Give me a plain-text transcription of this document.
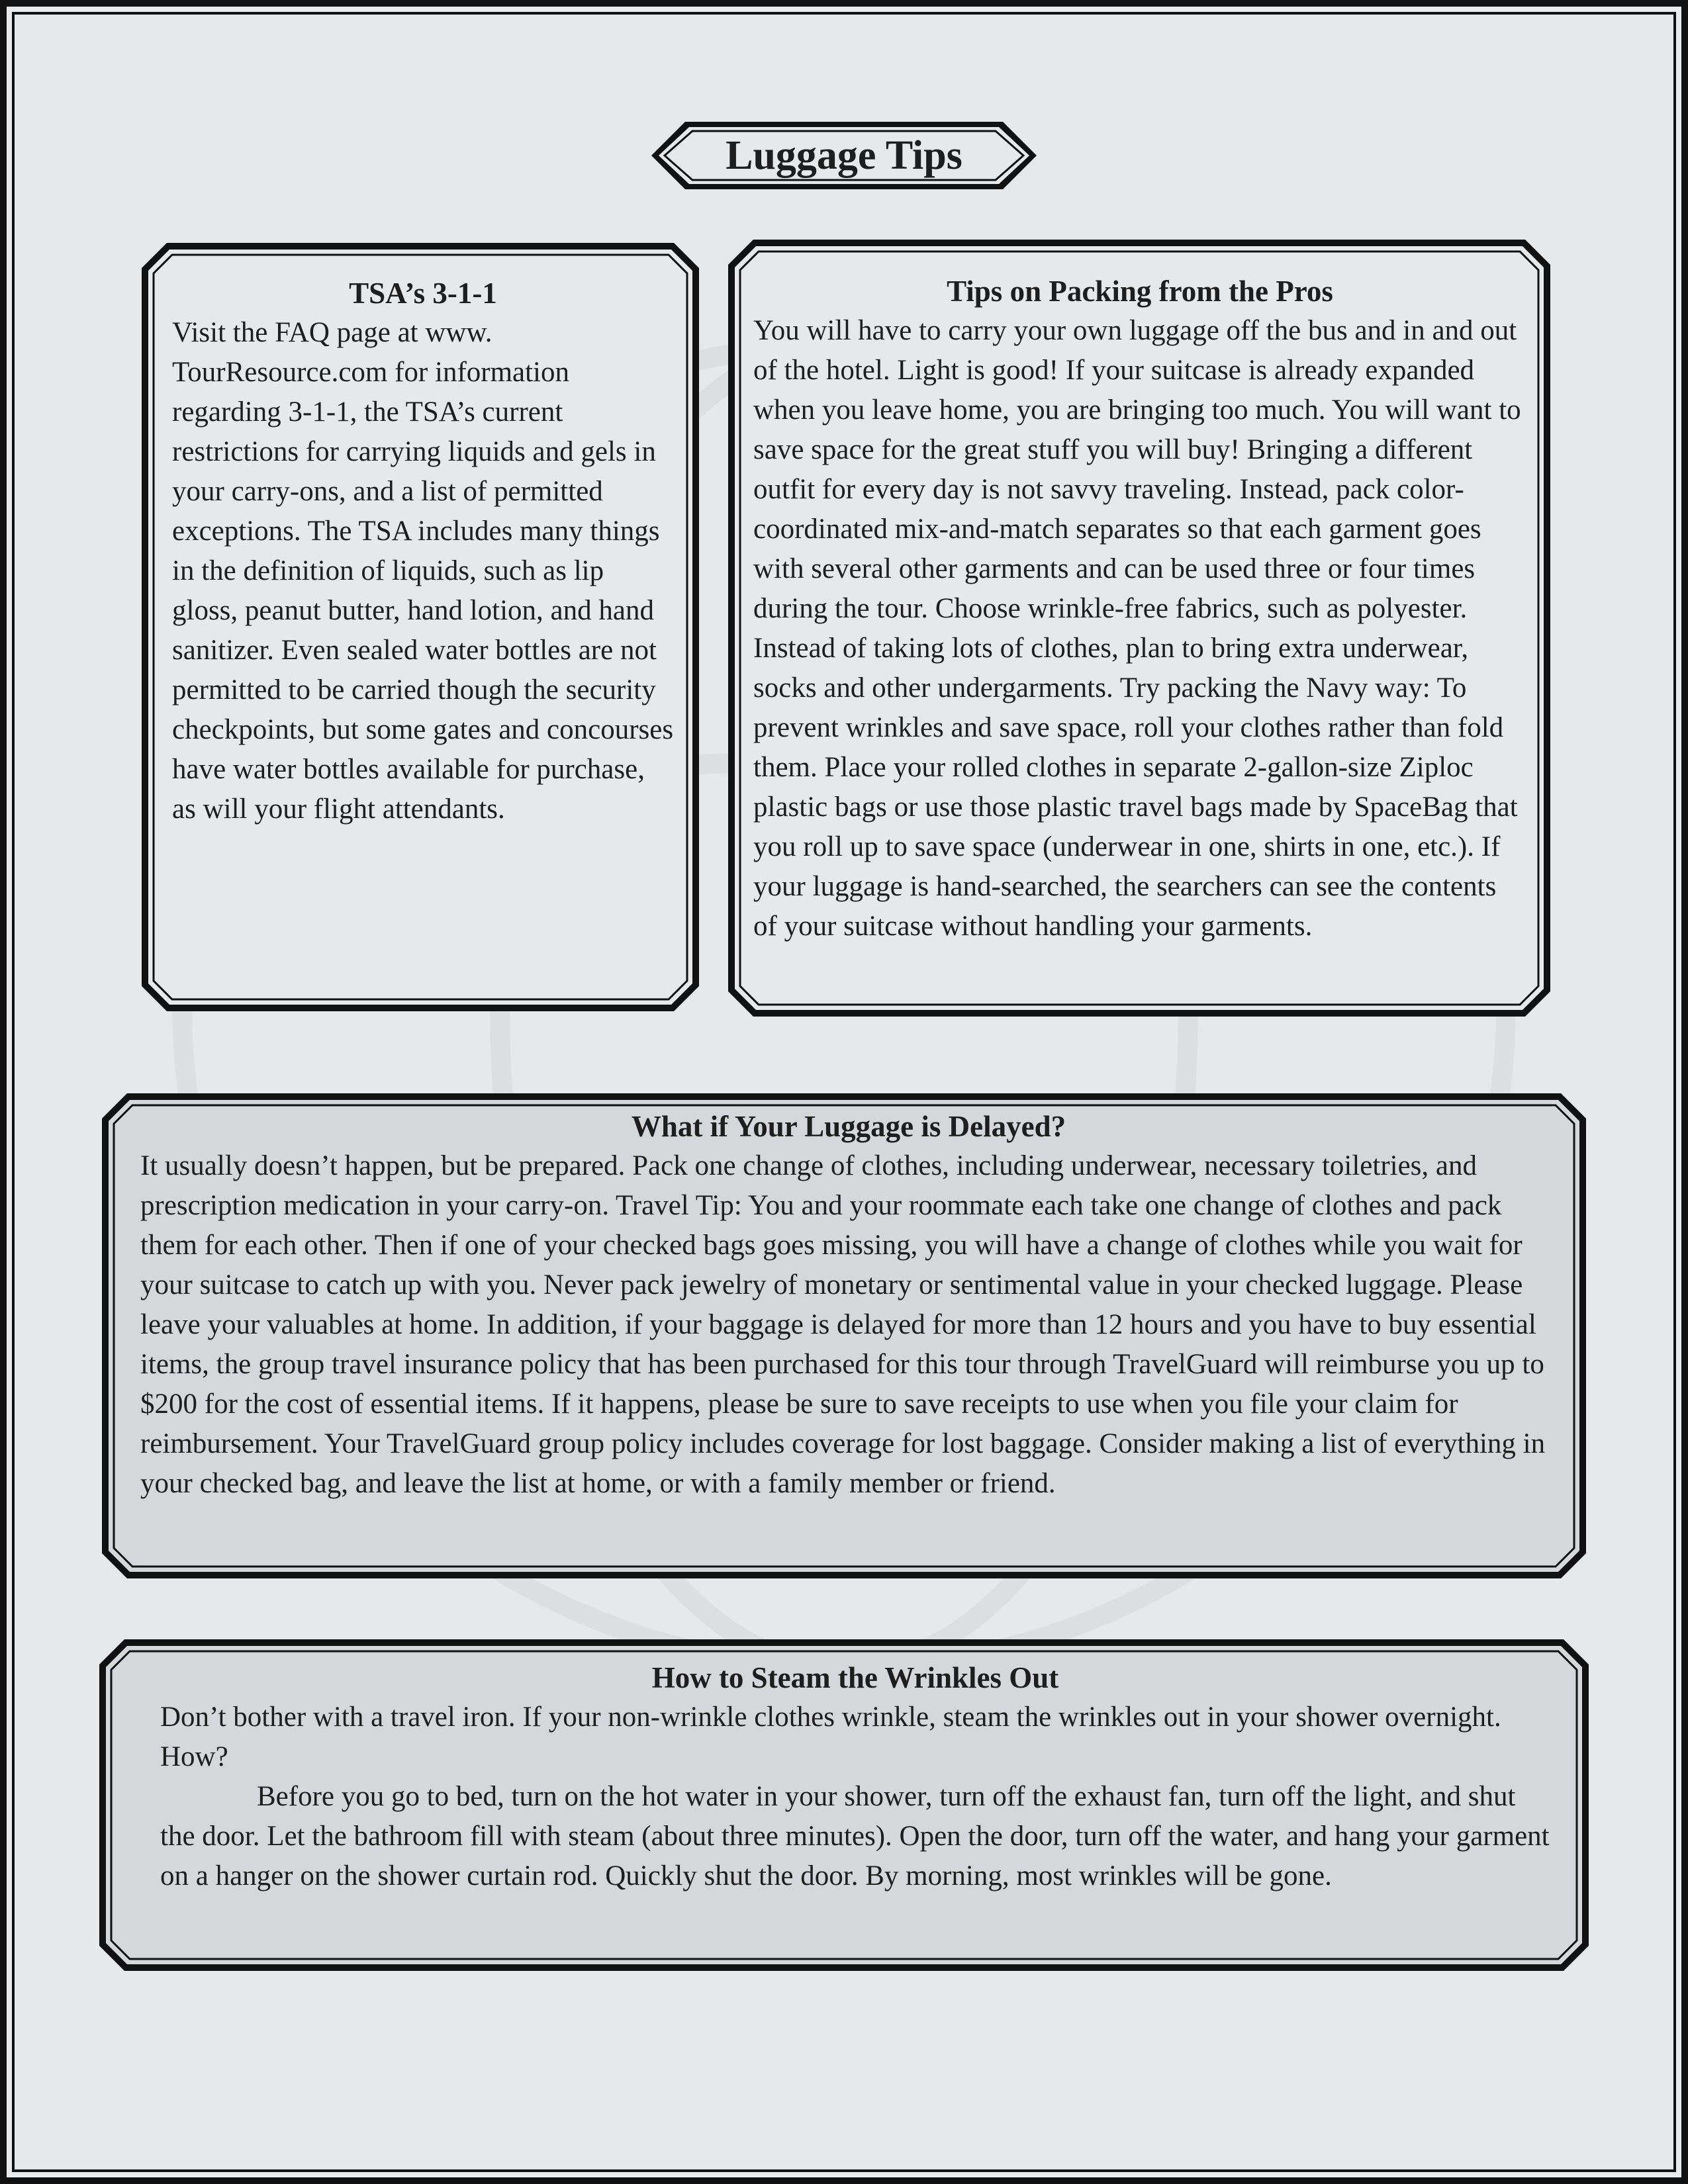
Luggage Tips
TSA’s 3-1-1

Visit the FAQ page at www. TourResource.com for information regarding 3-1-1, the TSA’s current restrictions for carrying liquids and gels in your carry-ons, and a list of permitted exceptions. The TSA includes many things in the definition of liquids, such as lip gloss, peanut butter, hand lotion, and hand sanitizer. Even sealed water bottles are not permitted to be carried though the security checkpoints, but some gates and concourses have water bottles available for purchase, as will your flight attendants.

Tips on Packing from the Pros

You will have to carry your own luggage off the bus and in and out of the hotel. Light is good! If your suitcase is already expanded when you leave home, you are bringing too much. You will want to save space for the great stuff you will buy! Bringing a different outfit for every day is not savvy traveling. Instead, pack color-coordinated mix-and-match separates so that each garment goes with several other garments and can be used three or four times during the tour. Choose wrinkle-free fabrics, such as polyester. Instead of taking lots of clothes, plan to bring extra underwear, socks and other undergarments. Try packing the Navy way: To prevent wrinkles and save space, roll your clothes rather than fold them. Place your rolled clothes in separate 2-gallon-size Ziploc plastic bags or use those plastic travel bags made by SpaceBag that you roll up to save space (underwear in one, shirts in one, etc.). If your luggage is hand-searched, the searchers can see the contents of your suitcase without handling your garments.

What if Your Luggage is Delayed?

It usually doesn’t happen, but be prepared. Pack one change of clothes, including underwear, necessary toiletries, and prescription medication in your carry-on. Travel Tip: You and your roommate each take one change of clothes and pack them for each other. Then if one of your checked bags goes missing, you will have a change of clothes while you wait for your suitcase to catch up with you. Never pack jewelry of monetary or sentimental value in your checked luggage. Please leave your valuables at home. In addition, if your baggage is delayed for more than 12 hours and you have to buy essential items, the group travel insurance policy that has been purchased for this tour through TravelGuard will reimburse you up to $200 for the cost of essential items. If it happens, please be sure to save receipts to use when you file your claim for reimbursement. Your TravelGuard group policy includes coverage for lost baggage. Consider making a list of everything in your checked bag, and leave the list at home, or with a family member or friend.

How to Steam the Wrinkles Out

Don’t bother with a travel iron. If your non-wrinkle clothes wrinkle, steam the wrinkles out in your shower overnight. How?

Before you go to bed, turn on the hot water in your shower, turn off the exhaust fan, turn off the light, and shut the door. Let the bathroom fill with steam (about three minutes). Open the door, turn off the water, and hang your garment on a hanger on the shower curtain rod. Quickly shut the door. By morning, most wrinkles will be gone.
